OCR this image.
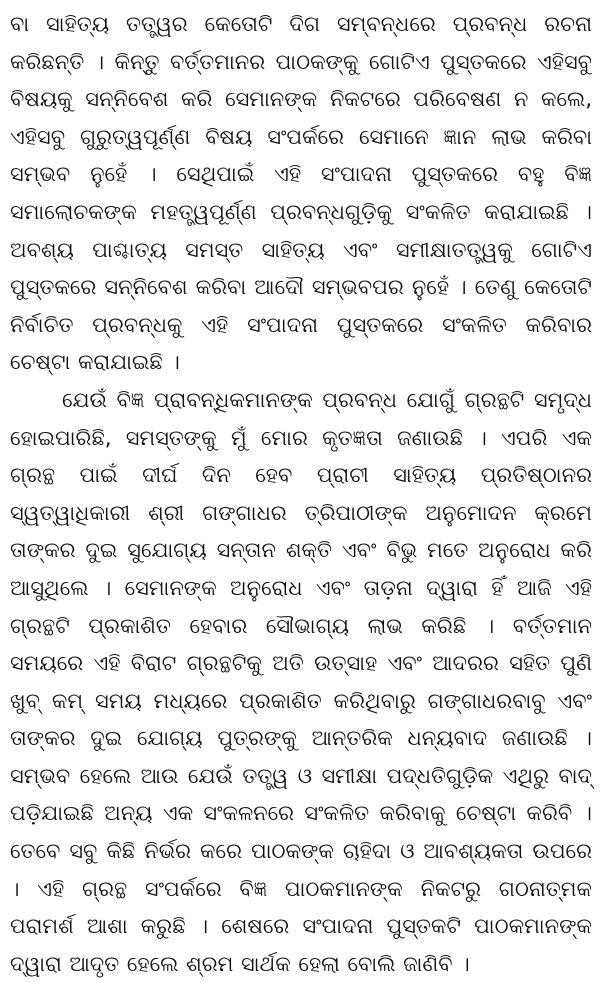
ବା ସାହିତ୍ୟ ତତ୍ତ୍ୱର କେତୋଟି ଦିଗ ସମ୍ବନ୍ଧରେ ପ୍ରବନ୍ଧ ରଚନା କରିଛନ୍ତି । କିନ୍ତୁ ବର୍ତ୍ତମାନର ପାଠକଙ୍କୁ ଗୋଟିଏ ପୁସ୍ତକରେ ଏହିସବୁ ବିଷୟକୁ ସନ୍ନିବେଶ କରି ସେମାନଙ୍କ ନିକଟରେ ପରିବେଷଣ ନ କଲେ, ଏହିସବୁ ଗୁରୁତ୍ୱପୂର୍ଣ୍ଣ ବିଷୟ ସଂପର୍କରେ ସେମାନେ ଜ୍ଞାନ ଲାଭ କରିବା ସମ୍ଭବ ନୁହେଁ । ସେଥିପାଇଁ ଏହି ସଂପାଦନା ପୁସ୍ତକରେ ବହୁ ବିଜ୍ଞ ସମାଲୋଚକଙ୍କ ମହତ୍ତ୍ୱପୂର୍ଣ୍ଣ ପ୍ରବନ୍ଧଗୁଡ଼ିକୁ ସଂକଳିତ କରାଯାଇଛି । ଅବଶ୍ୟ ପାଶ୍ଚାତ୍ୟ ସମସ୍ତ ସାହିତ୍ୟ ଏବଂ ସମୀକ୍ଷାତତ୍ତ୍ୱକୁ ଗୋଟିଏ ପୁସ୍ତକରେ ସନ୍ନିବେଶ କରିବା ଆଦୌ ସମ୍ଭବପର ନୁହେଁ । ତେଣୁ କେତୋଟି ନିର୍ବାଚିତ ପ୍ରବନ୍ଧକୁ ଏହି ସଂପାଦନା ପୁସ୍ତକରେ ସଂକଳିତ କରିବାର ଚେଷ୍ଟା କରାଯାଇଛି ।

ଯେଉଁ ବିଜ୍ଞ ପ୍ରାବନ୍ଧିକମାନଙ୍କ ପ୍ରବନ୍ଧ ଯୋଗୁଁ ଗ୍ରନ୍ଥଟି ସମୃଦ୍ଧ ହୋଇପାରିଛି, ସମସ୍ତଙ୍କୁ ମୁଁ ମୋର କୃତଜ୍ଞତା ଜଣାଉଛି । ଏପରି ଏକ ଗ୍ରନ୍ଥ ପାଇଁ ଦୀର୍ଘ ଦିନ ହେବ ପ୍ରାଚୀ ସାହିତ୍ୟ ପ୍ରତିଷ୍ଠାନର ସ୍ୱତ୍ୱାଧିକାରୀ ଶ୍ରୀ ଗଙ୍ଗାଧର ତ୍ରିପାଠୀଙ୍କ ଅନୁମୋଦନ କ୍ରମେ ତାଙ୍କର ଦୁଇ ସୁଯୋଗ୍ୟ ସନ୍ତାନ ଶକ୍ତି ଏବଂ ବିଭୁ ମତେ ଅନୁରୋଧ କରି ଆସୁଥିଲେ । ସେମାନଙ୍କ ଅନୁରୋଧ ଏବଂ ତାଡ଼ନା ଦ୍ୱାରା ହିଁ ଆଜି ଏହି ଗ୍ରନ୍ଥଟି ପ୍ରକାଶିତ ହେବାର ସୌଭାଗ୍ୟ ଲାଭ କରିଛି । ବର୍ତ୍ତମାନ ସମୟରେ ଏହି ବିରାଟ ଗ୍ରନ୍ଥଟିକୁ ଅତି ଉତ୍ସାହ ଏବଂ ଆଦରର ସହିତ ପୁଣି ଖୁବ୍ କମ୍ ସମୟ ମଧ୍ୟରେ ପ୍ରକାଶିତ କରିଥିବାରୁ ଗଙ୍ଗାଧରବାବୁ ଏବଂ ତାଙ୍କର ଦୁଇ ଯୋଗ୍ୟ ପୁତ୍ରଙ୍କୁ ଆନ୍ତରିକ ଧନ୍ୟବାଦ ଜଣାଉଛି । ସମ୍ଭବ ହେଲେ ଆଉ ଯେଉଁ ତତ୍ତ୍ୱ ଓ ସମୀକ୍ଷା ପଦ୍ଧତିଗୁଡ଼ିକ ଏଥିରୁ ବାଦ୍ ପଡ଼ିଯାଇଛି ଅନ୍ୟ ଏକ ସଂକଳନରେ ସଂକଳିତ କରିବାକୁ ଚେଷ୍ଟା କରିବି । ତେବେ ସବୁ କିଛି ନିର୍ଭର କରେ ପାଠକଙ୍କ ଚାହିଦା ଓ ଆବଶ୍ୟକତା ଉପରେ । ଏହି ଗ୍ରନ୍ଥ ସଂପର୍କରେ ବିଜ୍ଞ ପାଠକମାନଙ୍କ ନିକଟରୁ ଗଠନାତ୍ମକ ପରାମର୍ଶ ଆଶା କରୁଛି । ଶେଷରେ ସଂପାଦନା ପୁସ୍ତକଟି ପାଠକମାନଙ୍କ ଦ୍ୱାରା ଆଦୃତ ହେଲେ ଶ୍ରମ ସାର୍ଥକ ହେଲା ବୋଲି ଜାଣିବି ।
